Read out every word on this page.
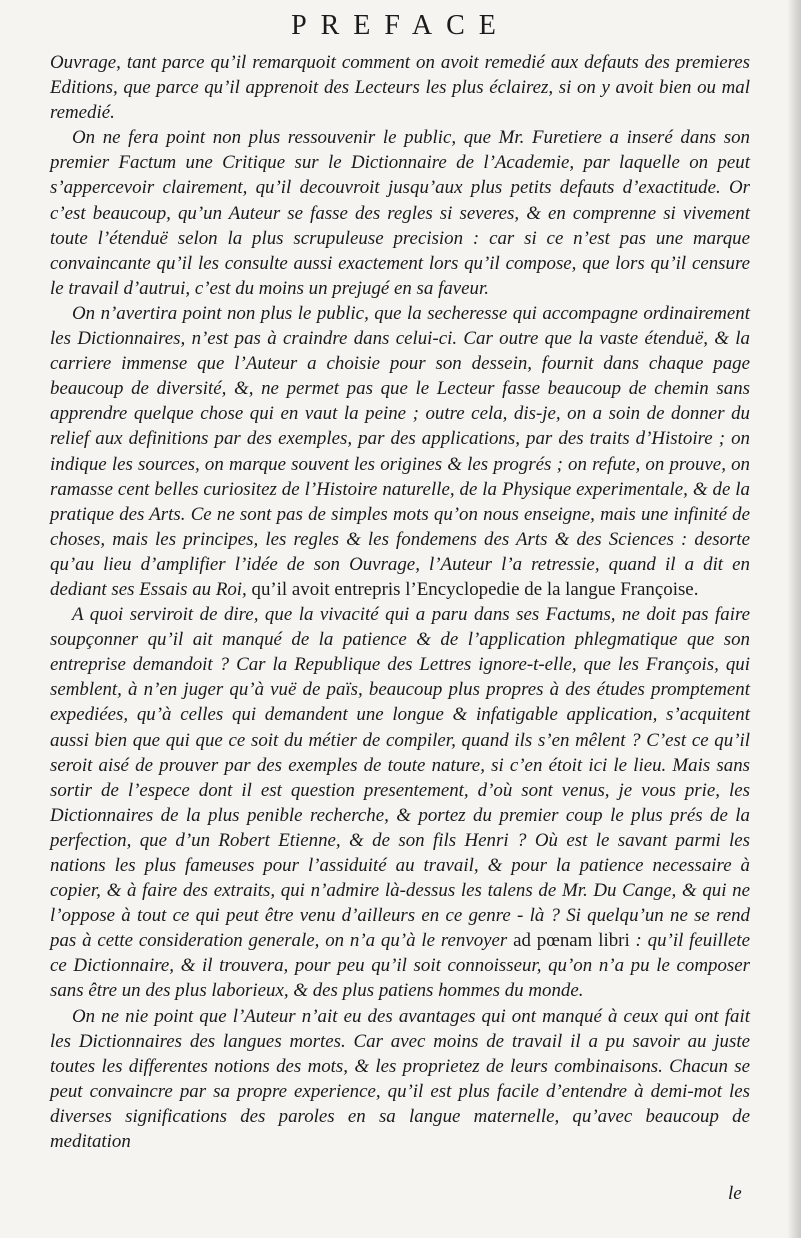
PREFACE

Ouvrage, tant parce qu’il remarquoit comment on avoit remedié aux defauts des premieres Editions, que parce qu’il apprenoit des Lecteurs les plus éclairez, si on y avoit bien ou mal remedié.

On ne fera point non plus ressouvenir le public, que Mr. Furetiere a inseré dans son premier Factum une Critique sur le Dictionnaire de l’Academie, par laquelle on peut s’appercevoir clairement, qu’il decouvroit jusqu’aux plus petits defauts d’exactitude. Or c’est beaucoup, qu’un Auteur se fasse des regles si severes, & en comprenne si vivement toute l’étenduë selon la plus scrupuleuse precision : car si ce n’est pas une marque convaincante qu’il les consulte aussi exactement lors qu’il compose, que lors qu’il censure le travail d’autrui, c’est du moins un prejugé en sa faveur.

On n’avertira point non plus le public, que la secheresse qui accompagne ordinairement les Dictionnaires, n’est pas à craindre dans celui-ci. Car outre que la vaste étenduë, & la carriere immense que l’Auteur a choisie pour son dessein, fournit dans chaque page beaucoup de diversité, &, ne permet pas que le Lecteur fasse beaucoup de chemin sans apprendre quelque chose qui en vaut la peine ; outre cela, dis-je, on a soin de donner du relief aux definitions par des exemples, par des applications, par des traits d’Histoire ; on indique les sources, on marque souvent les origines & les progrés ; on refute, on prouve, on ramasse cent belles curiositez de l’Histoire naturelle, de la Physique experimentale, & de la pratique des Arts. Ce ne sont pas de simples mots qu’on nous enseigne, mais une infinité de choses, mais les principes, les regles & les fondemens des Arts & des Sciences : desorte qu’au lieu d’amplifier l’idée de son Ouvrage, l’Auteur l’a retressie, quand il a dit en dediant ses Essais au Roi, qu’il avoit entrepris l’Encyclopedie de la langue Françoise.

A quoi serviroit de dire, que la vivacité qui a paru dans ses Factums, ne doit pas faire soupçonner qu’il ait manqué de la patience & de l’application phlegmatique que son entreprise demandoit ? Car la Republique des Lettres ignore-t-elle, que les François, qui semblent, à n’en juger qu’à vuë de païs, beaucoup plus propres à des études promptement expediées, qu’à celles qui demandent une longue & infatigable application, s’acquitent aussi bien que qui que ce soit du métier de compiler, quand ils s’en mêlent ? C’est ce qu’il seroit aisé de prouver par des exemples de toute nature, si c’en étoit ici le lieu. Mais sans sortir de l’espece dont il est question presentement, d’où sont venus, je vous prie, les Dictionnaires de la plus penible recherche, & portez du premier coup le plus prés de la perfection, que d’un Robert Etienne, & de son fils Henri ? Où est le savant parmi les nations les plus fameuses pour l’assiduité au travail, & pour la patience necessaire à copier, & à faire des extraits, qui n’admire là-dessus les talens de Mr. Du Cange, & qui ne l’oppose à tout ce qui peut être venu d’ailleurs en ce genre - là ? Si quelqu’un ne se rend pas à cette consideration generale, on n’a qu’à le renvoyer ad pœnam libri : qu’il feuillete ce Dictionnaire, & il trouvera, pour peu qu’il soit connoisseur, qu’on n’a pu le composer sans être un des plus laborieux, & des plus patiens hommes du monde.

On ne nie point que l’Auteur n’ait eu des avantages qui ont manqué à ceux qui ont fait les Dictionnaires des langues mortes. Car avec moins de travail il a pu savoir au juste toutes les differentes notions des mots, & les proprietez de leurs combinaisons. Chacun se peut convaincre par sa propre experience, qu’il est plus facile d’entendre à demi-mot les diverses significations des paroles en sa langue maternelle, qu’avec beaucoup de meditation

le
